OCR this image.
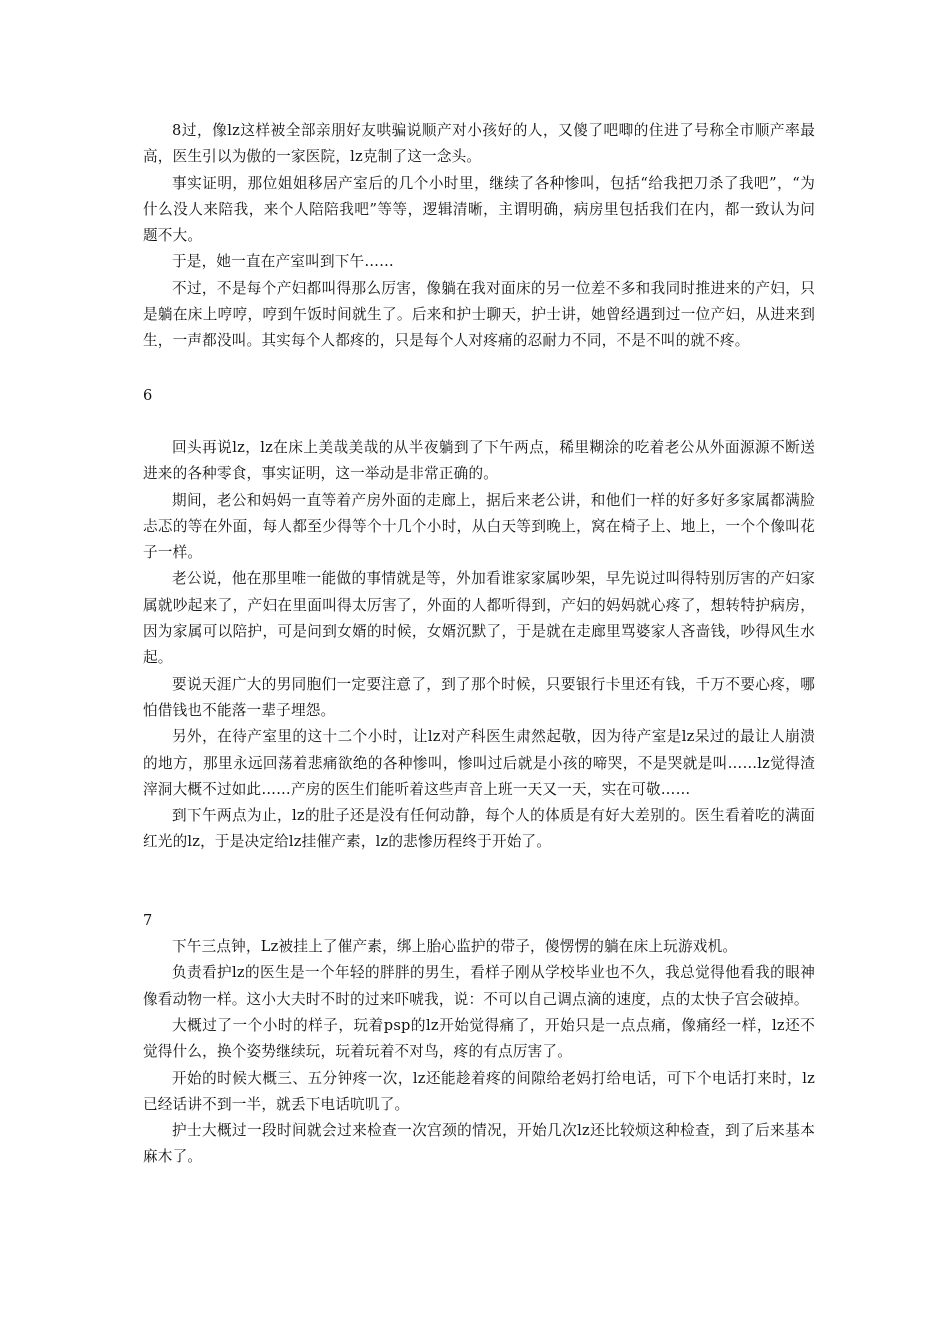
8过，像lz这样被全部亲朋好友哄骗说顺产对小孩好的人，又傻了吧唧的住进了号称全市顺产率最高，医生引以为傲的一家医院，lz克制了这一念头。

事实证明，那位姐姐移居产室后的几个小时里，继续了各种惨叫，包括“给我把刀杀了我吧”，“为什么没人来陪我，来个人陪陪我吧”等等，逻辑清晰，主谓明确，病房里包括我们在内，都一致认为问题不大。

于是，她一直在产室叫到下午……

不过，不是每个产妇都叫得那么厉害，像躺在我对面床的另一位差不多和我同时推进来的产妇，只是躺在床上哼哼，哼到午饭时间就生了。后来和护士聊天，护士讲，她曾经遇到过一位产妇，从进来到生，一声都没叫。其实每个人都疼的，只是每个人对疼痛的忍耐力不同，不是不叫的就不疼。

6

回头再说lz，lz在床上美哉美哉的从半夜躺到了下午两点，稀里糊涂的吃着老公从外面源源不断送进来的各种零食，事实证明，这一举动是非常正确的。

期间，老公和妈妈一直等着产房外面的走廊上，据后来老公讲，和他们一样的好多好多家属都满脸忐忑的等在外面，每人都至少得等个十几个小时，从白天等到晚上，窝在椅子上、地上，一个个像叫花子一样。

老公说，他在那里唯一能做的事情就是等，外加看谁家家属吵架，早先说过叫得特别厉害的产妇家属就吵起来了，产妇在里面叫得太厉害了，外面的人都听得到，产妇的妈妈就心疼了，想转特护病房，因为家属可以陪护，可是问到女婿的时候，女婿沉默了，于是就在走廊里骂婆家人吝啬钱，吵得风生水起。

要说天涯广大的男同胞们一定要注意了，到了那个时候，只要银行卡里还有钱，千万不要心疼，哪怕借钱也不能落一辈子埋怨。

另外，在待产室里的这十二个小时，让lz对产科医生肃然起敬，因为待产室是lz呆过的最让人崩溃的地方，那里永远回荡着悲痛欲绝的各种惨叫，惨叫过后就是小孩的啼哭，不是哭就是叫……lz觉得渣滓洞大概不过如此……产房的医生们能听着这些声音上班一天又一天，实在可敬……

到下午两点为止，lz的肚子还是没有任何动静，每个人的体质是有好大差别的。医生看着吃的满面红光的lz，于是决定给lz挂催产素，lz的悲惨历程终于开始了。

7

下午三点钟，Lz被挂上了催产素，绑上胎心监护的带子，傻愣愣的躺在床上玩游戏机。

负责看护lz的医生是一个年轻的胖胖的男生，看样子刚从学校毕业也不久，我总觉得他看我的眼神像看动物一样。这小大夫时不时的过来吓唬我，说：不可以自己调点滴的速度，点的太快子宫会破掉。

大概过了一个小时的样子，玩着psp的lz开始觉得痛了，开始只是一点点痛，像痛经一样，lz还不觉得什么，换个姿势继续玩，玩着玩着不对鸟，疼的有点厉害了。

开始的时候大概三、五分钟疼一次，lz还能趁着疼的间隙给老妈打给电话，可下个电话打来时，lz已经话讲不到一半，就丢下电话吭叽了。

护士大概过一段时间就会过来检查一次宫颈的情况，开始几次lz还比较烦这种检查，到了后来基本麻木了。
